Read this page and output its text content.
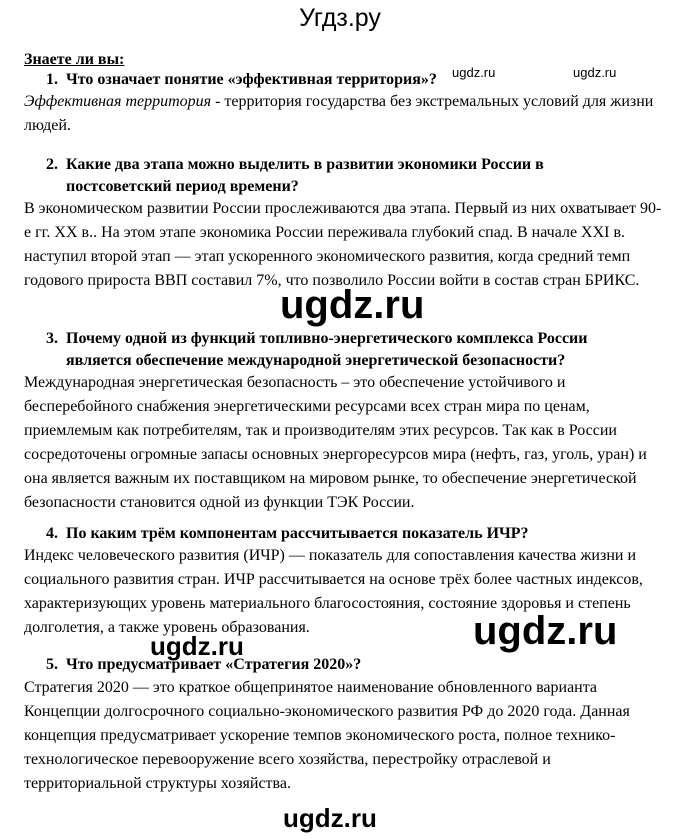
Угдз.ру
Знаете ли вы:
1. Что означает понятие «эффективная территория»?
Эффективная территория - территория государства без экстремальных условий для жизни людей.
2. Какие два этапа можно выделить в развитии экономики России в постсоветский период времени?
В экономическом развитии России прослеживаются два этапа. Первый из них охватывает 90-е гг. XX в.. На этом этапе экономика России переживала глубокий спад. В начале XXI в. наступил второй этап — этап ускоренного экономического развития, когда средний темп годового прироста ВВП составил 7%, что позволило России войти в состав стран БРИКС.
3. Почему одной из функций топливно-энергетического комплекса России является обеспечение международной энергетической безопасности?
Международная энергетическая безопасность – это обеспечение устойчивого и бесперебойного снабжения энергетическими ресурсами всех стран мира по ценам, приемлемым как потребителям, так и производителям этих ресурсов. Так как в России сосредоточены огромные запасы основных энергоресурсов мира (нефть, газ, уголь, уран) и она является важным их поставщиком на мировом рынке, то обеспечение энергетической безопасности становится одной из функции ТЭК России.
4. По каким трём компонентам рассчитывается показатель ИЧР?
Индекс человеческого развития (ИЧР) — показатель для сопоставления качества жизни и социального развития стран. ИЧР рассчитывается на основе трёх более частных индексов, характеризующих уровень материального благосостояния, состояние здоровья и степень долголетия, а также уровень образования.
5. Что предусматривает «Стратегия 2020»?
Стратегия 2020 — это краткое общепринятое наименование обновленного варианта Концепции долгосрочного социально-экономического развития РФ до 2020 года. Данная концепция предусматривает ускорение темпов экономического роста, полное технико-технологическое перевооружение всего хозяйства, перестройку отраслевой и территориальной структуры хозяйства.
ugdz.ru	ugdz.ru
ugdz.ru
ugdz.ru	ugdz.ru
ugdz.ru
